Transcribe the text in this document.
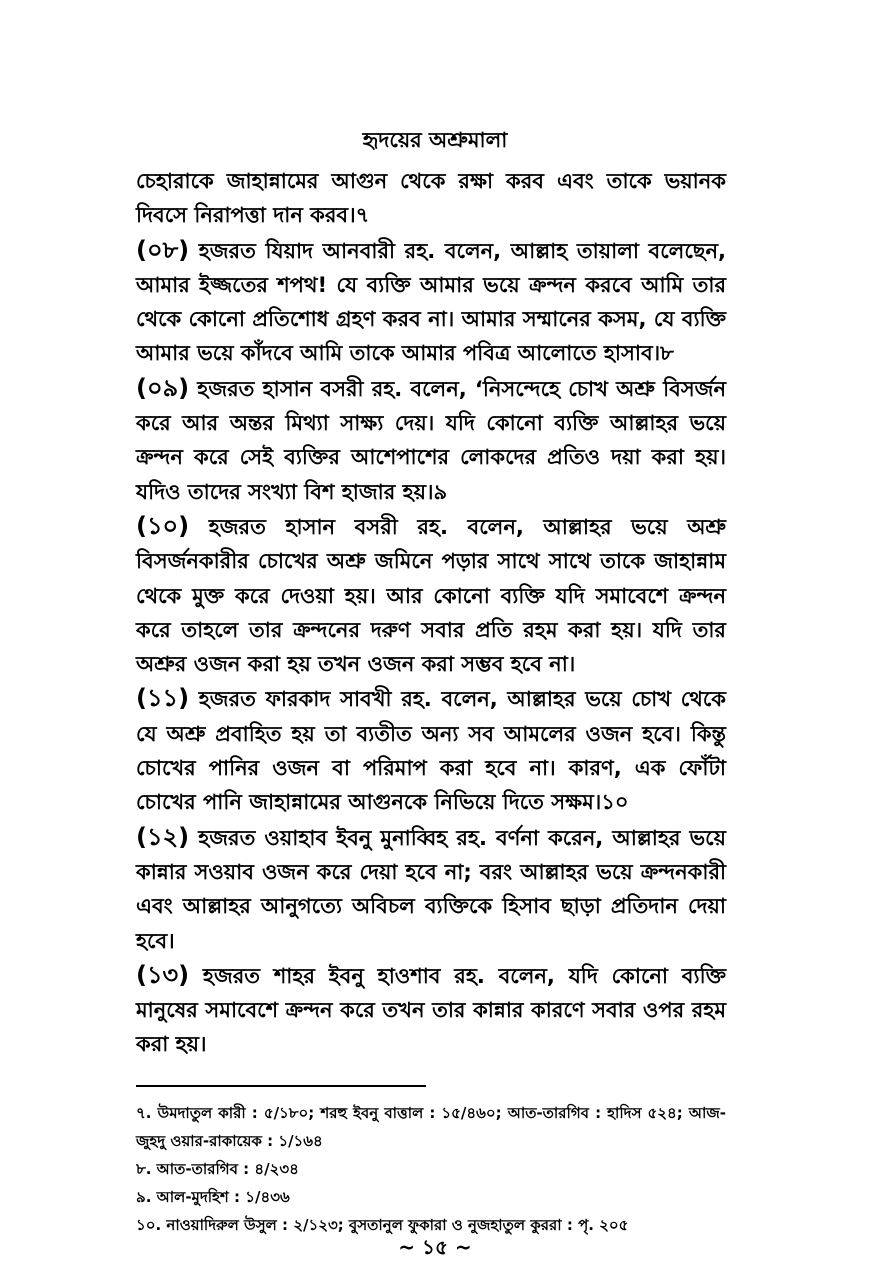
হৃদয়ের অশ্রুমালা

চেহারাকে জাহান্নামের আগুন থেকে রক্ষা করব এবং তাকে ভয়ানক দিবসে নিরাপত্তা দান করব।৭

(০৮) হজরত যিয়াদ আনবারী রহ. বলেন, আল্লাহ তায়ালা বলেছেন, আমার ইজ্জতের শপথ! যে ব্যক্তি আমার ভয়ে ক্রন্দন করবে আমি তার থেকে কোনো প্রতিশোধ গ্রহণ করব না। আমার সম্মানের কসম, যে ব্যক্তি আমার ভয়ে কাঁদবে আমি তাকে আমার পবিত্র আলোতে হাসাব।৮

(০৯) হজরত হাসান বসরী রহ. বলেন, ‘নিসন্দেহে চোখ অশ্রু বিসর্জন করে আর অন্তর মিথ্যা সাক্ষ্য দেয়। যদি কোনো ব্যক্তি আল্লাহর ভয়ে ক্রন্দন করে সেই ব্যক্তির আশেপাশের লোকদের প্রতিও দয়া করা হয়। যদিও তাদের সংখ্যা বিশ হাজার হয়।৯

(১০) হজরত হাসান বসরী রহ. বলেন, আল্লাহর ভয়ে অশ্রু বিসর্জনকারীর চোখের অশ্রু জমিনে পড়ার সাথে সাথে তাকে জাহান্নাম থেকে মুক্ত করে দেওয়া হয়। আর কোনো ব্যক্তি যদি সমাবেশে ক্রন্দন করে তাহলে তার ক্রন্দনের দরুণ সবার প্রতি রহম করা হয়। যদি তার অশ্রুর ওজন করা হয় তখন ওজন করা সম্ভব হবে না।

(১১) হজরত ফারকাদ সাবখী রহ. বলেন, আল্লাহর ভয়ে চোখ থেকে যে অশ্রু প্রবাহিত হয় তা ব্যতীত অন্য সব আমলের ওজন হবে। কিন্তু চোখের পানির ওজন বা পরিমাপ করা হবে না। কারণ, এক ফোঁটা চোখের পানি জাহান্নামের আগুনকে নিভিয়ে দিতে সক্ষম।১০

(১২) হজরত ওয়াহাব ইবনু মুনাব্বিহ রহ. বর্ণনা করেন, আল্লাহর ভয়ে কান্নার সওয়াব ওজন করে দেয়া হবে না; বরং আল্লাহর ভয়ে ক্রন্দনকারী এবং আল্লাহর আনুগত্যে অবিচল ব্যক্তিকে হিসাব ছাড়া প্রতিদান দেয়া হবে।

(১৩) হজরত শাহর ইবনু হাওশাব রহ. বলেন, যদি কোনো ব্যক্তি মানুষের সমাবেশে ক্রন্দন করে তখন তার কান্নার কারণে সবার ওপর রহম করা হয়।

৭. উমদাতুল কারী : ৫/১৮০; শরহু ইবনু বাত্তাল : ১৫/৪৬০; আত-তারগিব : হাদিস ৫২৪; আজ-জুহদু ওয়ার-রাকায়েক : ১/১৬৪

৮. আত-তারগিব : ৪/২৩৪

৯. আল-মুদহিশ : ১/৪৩৬

১০. নাওয়াদিরুল উসুল : ২/১২৩; বুসতানুল ফুকারা ও নুজহাতুল কুররা : পৃ. ২০৫

~ ১৫ ~
